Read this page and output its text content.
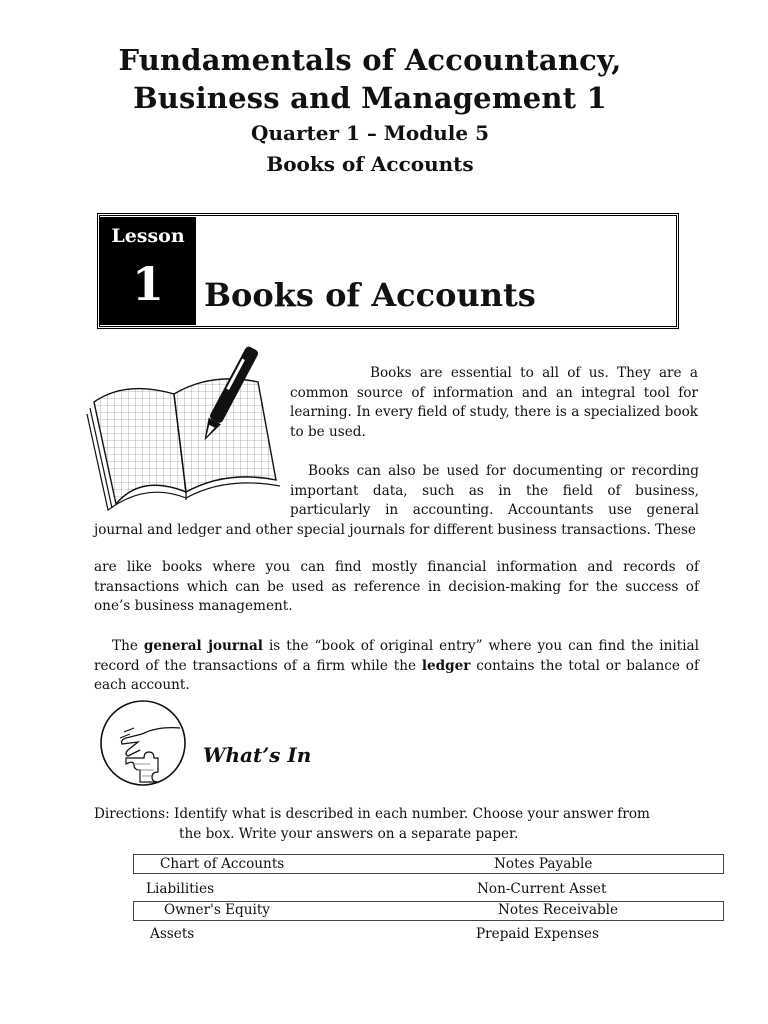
Fundamentals of Accountancy,
Business and Management 1
Quarter 1 – Module 5
Books of Accounts
Lesson
1	Books of Accounts
Books are essential to all of us. They are a common source of information and an integral tool for learning. In every field of study, there is a specialized book to be used.
Books can also be used for documenting or recording important data, such as in the field of business, particularly in accounting. Accountants use general journal and ledger and other special journals for different business transactions. These
are like books where you can find mostly financial information and records of transactions which can be used as reference in decision-making for the success of one’s business management.
The general journal is the “book of original entry” where you can find the initial record of the transactions of a firm while the ledger contains the total or balance of each account.
What’s In
Directions: Identify what is described in each number. Choose your answer from
the box. Write your answers on a separate paper.
Chart of Accounts	Notes Payable
Liabilities	Non-Current Asset
Owner's Equity	Notes Receivable
Assets	Prepaid Expenses
